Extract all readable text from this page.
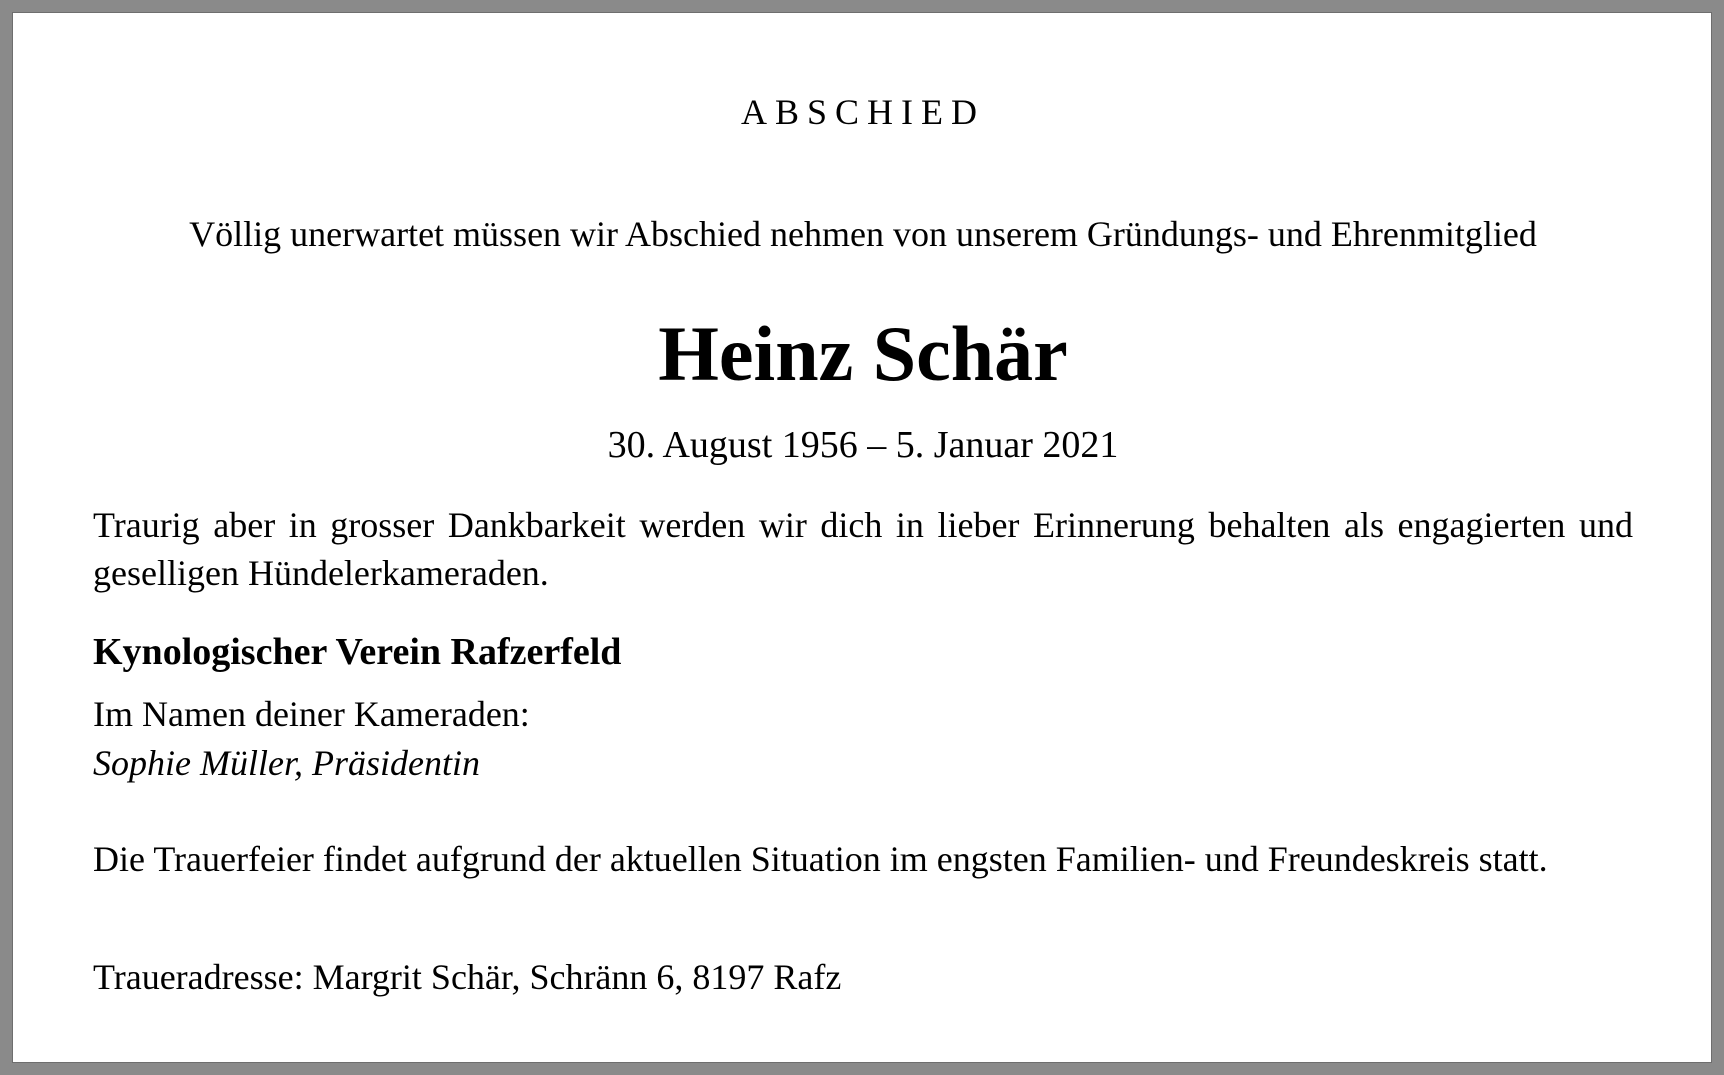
ABSCHIED
Völlig unerwartet müssen wir Abschied nehmen von unserem Gründungs- und Ehrenmitglied
Heinz Schär
30. August 1956 – 5. Januar 2021
Traurig aber in grosser Dankbarkeit werden wir dich in lieber Erinnerung behalten als engagierten und geselligen Hündelerkameraden.
Kynologischer Verein Rafzerfeld
Im Namen deiner Kameraden:
Sophie Müller, Präsidentin
Die Trauerfeier findet aufgrund der aktuellen Situation im engsten Familien- und Freundeskreis statt.
Traueradresse: Margrit Schär, Schränn 6, 8197 Rafz
